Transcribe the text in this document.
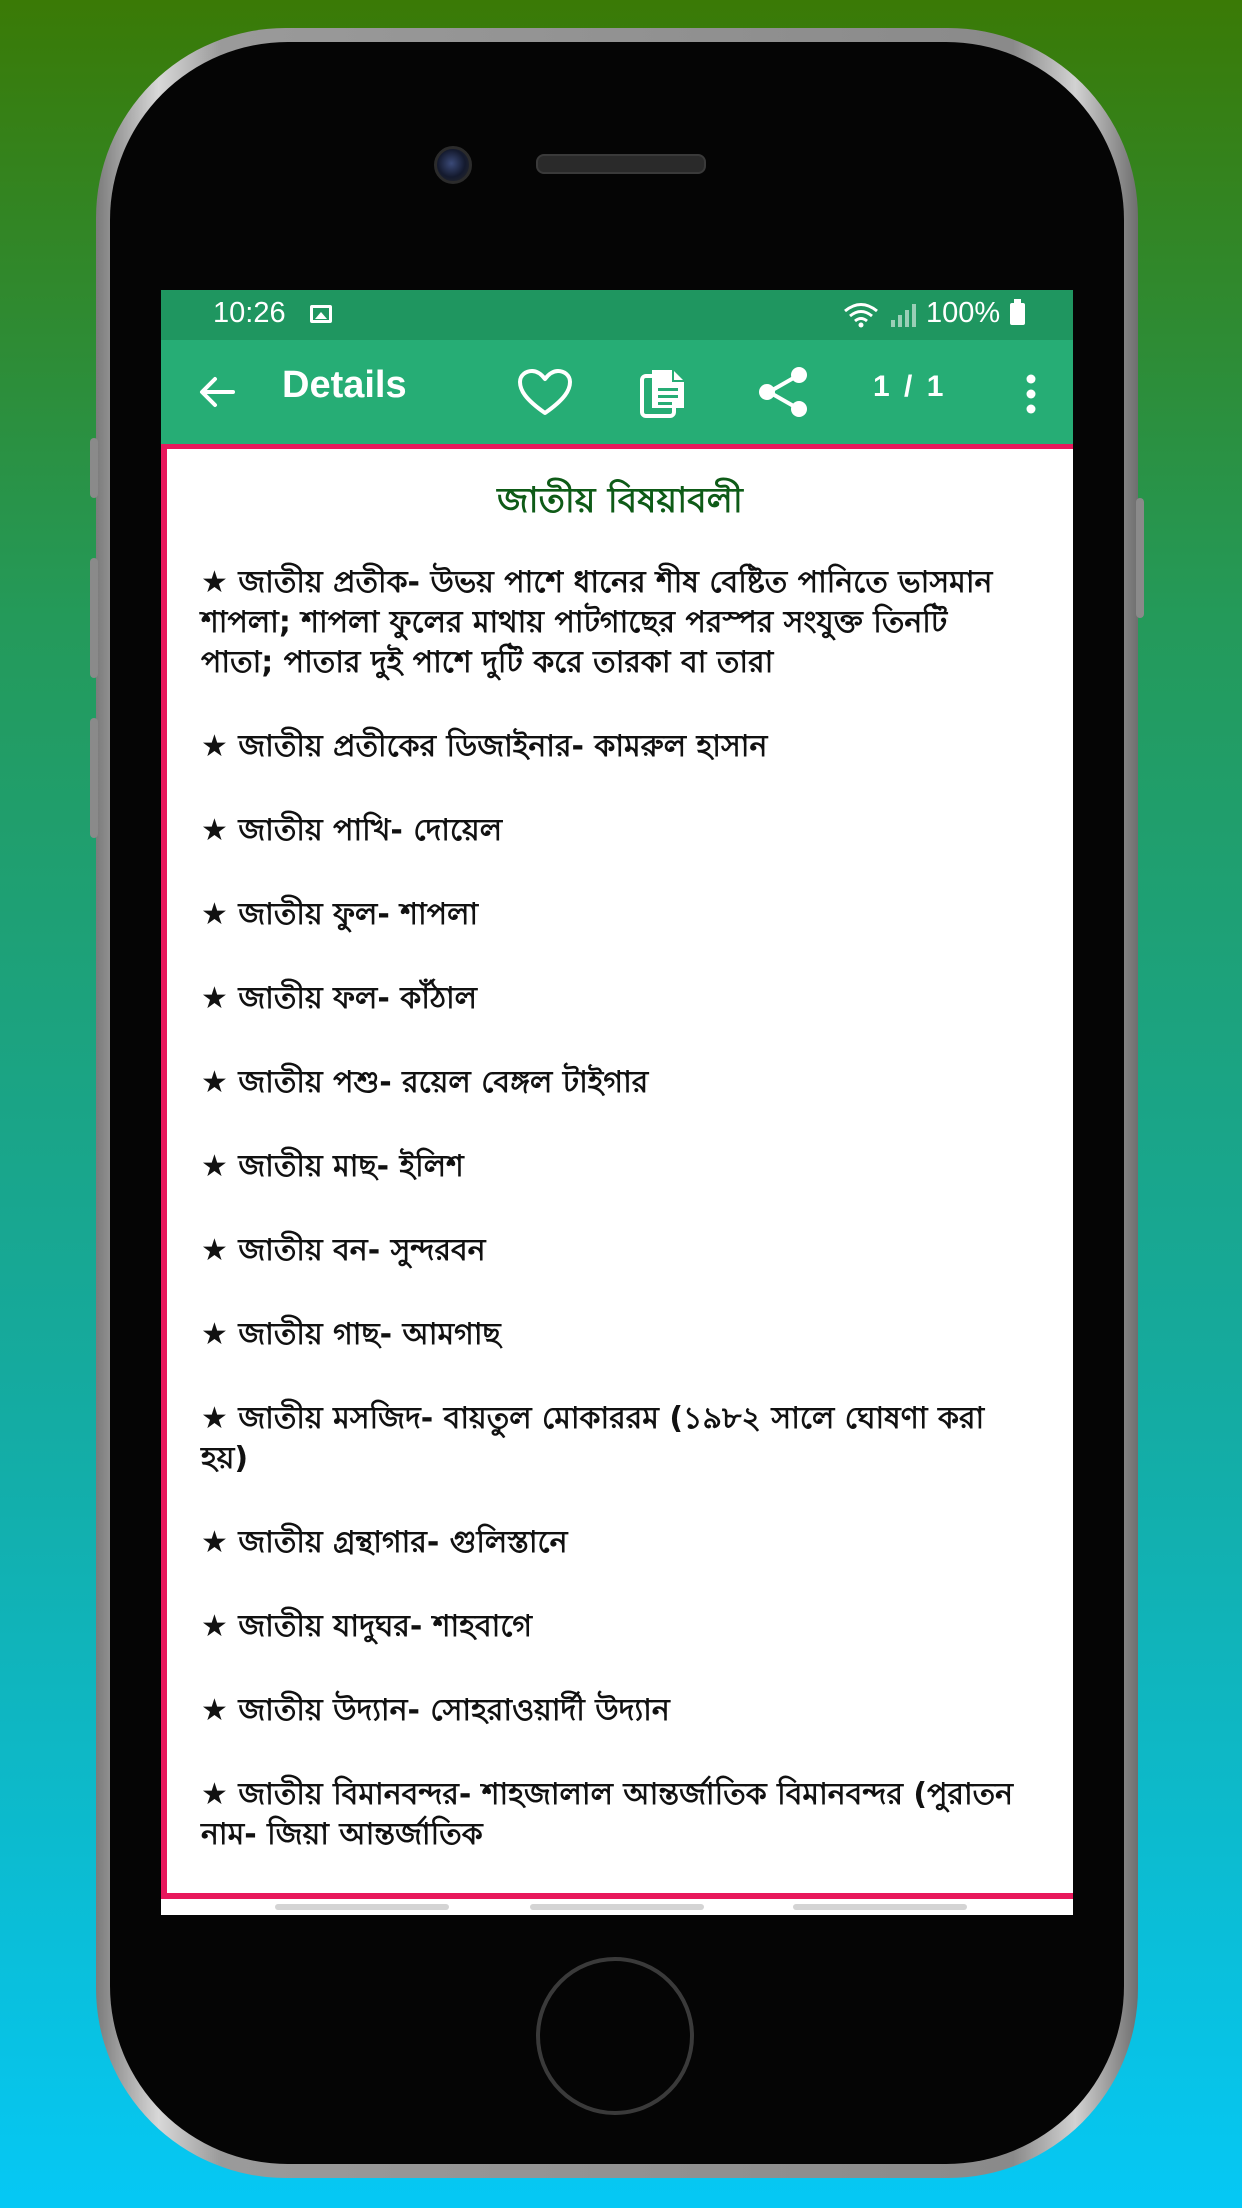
10:26	100%
Details	1 / 1
জাতীয় বিষয়াবলী

★ জাতীয় প্রতীক- উভয় পাশে ধানের শীষ বেষ্টিত পানিতে ভাসমান শাপলা; শাপলা ফুলের মাথায় পাটগাছের পরস্পর সংযুক্ত তিনটি পাতা; পাতার দুই পাশে দুটি করে তারকা বা তারা

★ জাতীয় প্রতীকের ডিজাইনার- কামরুল হাসান

★ জাতীয় পাখি- দোয়েল

★ জাতীয় ফুল- শাপলা

★ জাতীয় ফল- কাঁঠাল

★ জাতীয় পশু- রয়েল বেঙ্গল টাইগার

★ জাতীয় মাছ- ইলিশ

★ জাতীয় বন- সুন্দরবন

★ জাতীয় গাছ- আমগাছ

★ জাতীয় মসজিদ- বায়তুল মোকাররম (১৯৮২ সালে ঘোষণা করা হয়)

★ জাতীয় গ্রন্থাগার- গুলিস্তানে

★ জাতীয় যাদুঘর- শাহবাগে

★ জাতীয় উদ্যান- সোহরাওয়ার্দী উদ্যান

★ জাতীয় বিমানবন্দর- শাহজালাল আন্তর্জাতিক বিমানবন্দর (পুরাতন নাম- জিয়া আন্তর্জাতিক
